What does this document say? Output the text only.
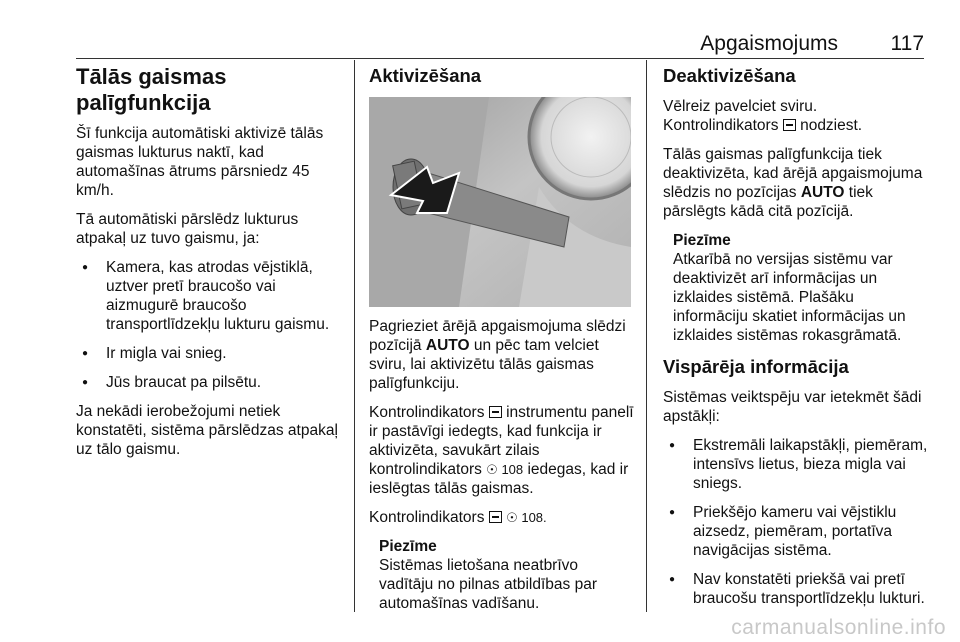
Apgaismojums	117
Tālās gaismas palīgfunkcija

Šī funkcija automātiski aktivizē tālās gaismas lukturus naktī, kad automašīnas ātrums pārsniedz 45 km/h.

Tā automātiski pārslēdz lukturus atpakaļ uz tuvo gaismu, ja:

● Kamera, kas atrodas vējstiklā, uztver pretī braucošo vai aizmugurē braucošo transportlīdzekļu lukturu gaismu.
● Ir migla vai snieg.
● Jūs braucat pa pilsētu.

Ja nekādi ierobežojumi netiek konstatēti, sistēma pārslēdzas atpakaļ uz tālo gaismu.

Aktivizēšana

Pagrieziet ārējā apgaismojuma slēdzi pozīcijā AUTO un pēc tam velciet sviru, lai aktivizētu tālās gaismas palīgfunkciju.

Kontrolindikators  instrumentu panelī ir pastāvīgi iedegts, kad funkcija ir aktivizēta, savukārt zilais kontrolindikators ☉ 108 iedegas, kad ir ieslēgtas tālās gaismas.

Kontrolindikators  ☉ 108.

Piezīme
Sistēmas lietošana neatbrīvo vadītāju no pilnas atbildības par automašīnas vadīšanu.
Deaktivizēšana

Vēlreiz pavelciet sviru. Kontrolindikators  nodziest.

Tālās gaismas palīgfunkcija tiek deaktivizēta, kad ārējā apgaismojuma slēdzis no pozīcijas AUTO tiek pārslēgts kādā citā pozīcijā.

Piezīme
Atkarībā no versijas sistēmu var deaktivizēt arī informācijas un izklaides sistēmā. Plašāku informāciju skatiet informācijas un izklaides sistēmas rokasgrāmatā.
Vispārēja informācija

Sistēmas veiktspēju var ietekmēt šādi apstākļi:

● Ekstremāli laikapstākļi, piemēram, intensīvs lietus, bieza migla vai sniegs.
● Priekšējo kameru vai vējstiklu aizsedz, piemēram, portatīva navigācijas sistēma.
● Nav konstatēti priekšā vai pretī braucošu transportlīdzekļu lukturi.
carmanualsonline.info
